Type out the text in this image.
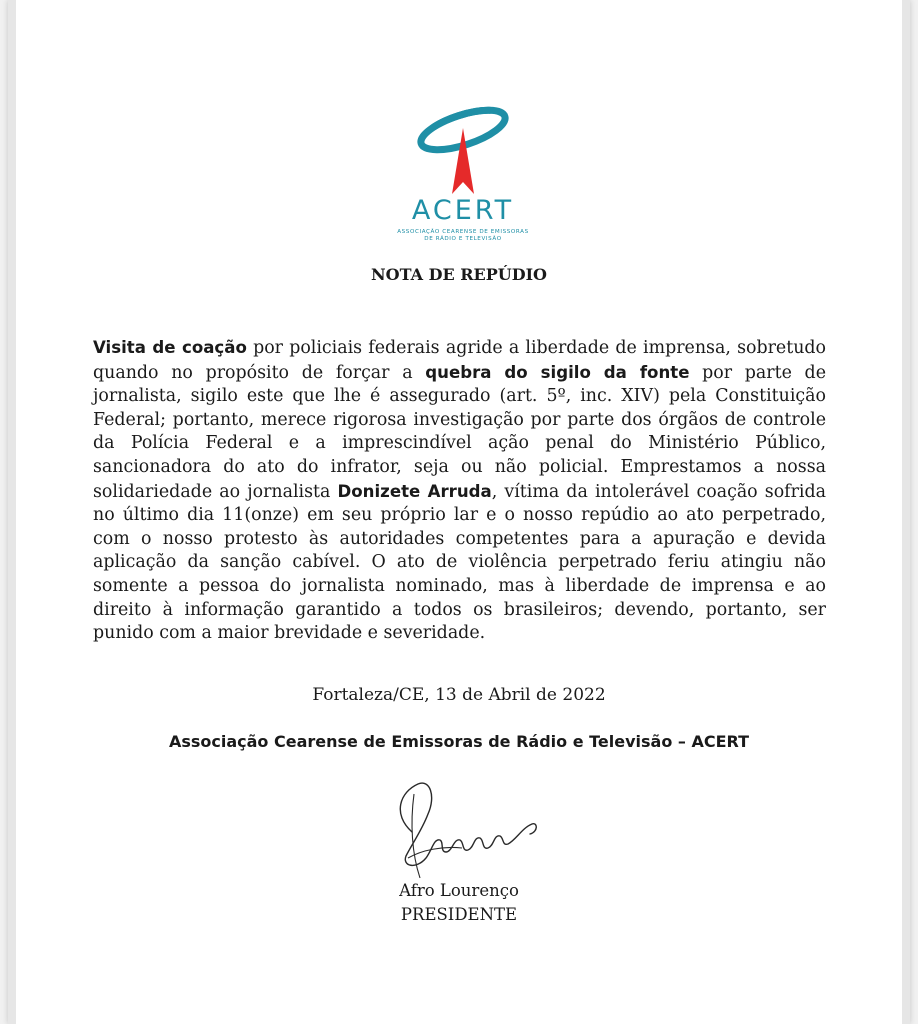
ACERT
ASSOCIAÇÃO CEARENSE DE EMISSORAS
DE RÁDIO E TELEVISÃO
NOTA DE REPÚDIO

Visita de coação por policiais federais agride a liberdade de imprensa, sobretudo quando no propósito de forçar a quebra do sigilo da fonte por parte de jornalista, sigilo este que lhe é assegurado (art. 5º, inc. XIV) pela Constituição Federal; portanto, merece rigorosa investigação por parte dos órgãos de controle da Polícia Federal e a imprescindível ação penal do Ministério Público, sancionadora do ato do infrator, seja ou não policial. Emprestamos a nossa solidariedade ao jornalista Donizete Arruda, vítima da intolerável coação sofrida no último dia 11(onze) em seu próprio lar e o nosso repúdio ao ato perpetrado, com o nosso protesto às autoridades competentes para a apuração e devida aplicação da sanção cabível. O ato de violência perpetrado feriu atingiu não somente a pessoa do jornalista nominado, mas à liberdade de imprensa e ao direito à informação garantido a todos os brasileiros; devendo, portanto, ser punido com a maior brevidade e severidade.

Fortaleza/CE, 13 de Abril de 2022
Associação Cearense de Emissoras de Rádio e Televisão – ACERT
Afro Lourenço
PRESIDENTE
